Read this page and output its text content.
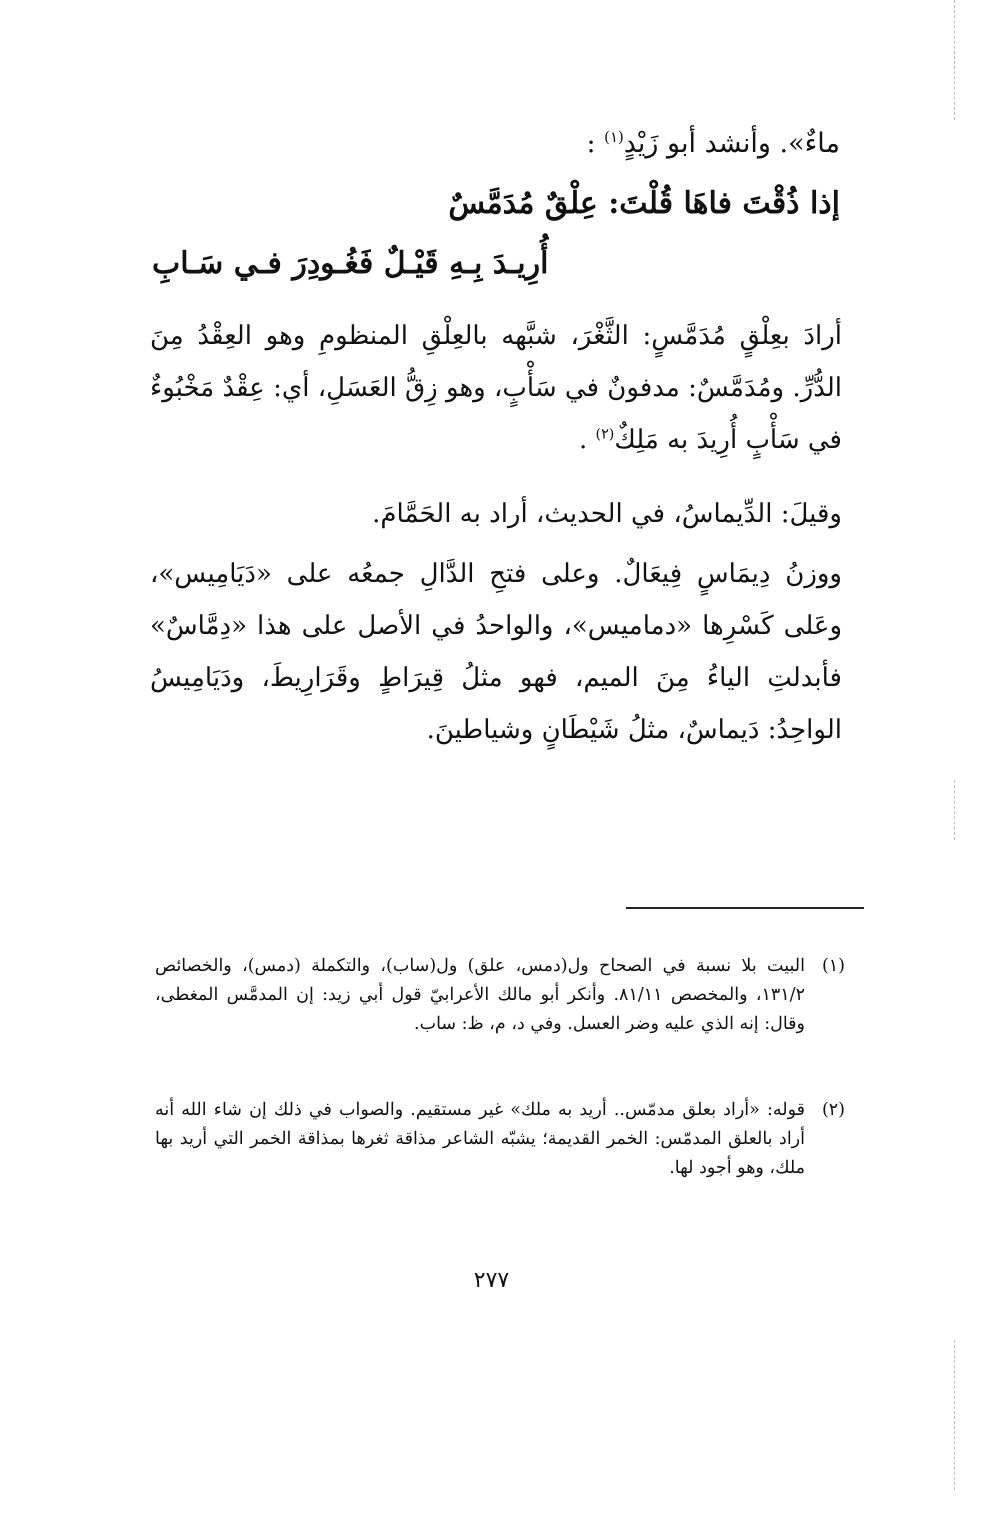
ماءٌ». وأنشد أبو زَيْدٍ$^{(١)}$ :
إذا ذُقْتَ فاهَا قُلْتَ: عِلْقٌ مُدَمَّسٌ
أُرِيـدَ بِـهِ قَيْـلٌ فَغُـودِرَ فـي سَـابِ
أرادَ بعِلْقٍ مُدَمَّسٍ: الثَّغْرَ، شبَّهه بالعِلْقِ المنظومِ وهو العِقْدُ مِنَ الدُّرِّ. ومُدَمَّسٌ: مدفونٌ في سَأْبٍ، وهو زِقُّ العَسَلِ، أي: عِقْدٌ مَخْبُوءٌ في سَأْبٍ أُرِيدَ به مَلِكٌ$^{(٢)}$ .
وقيلَ: الدِّيماسُ، في الحديث، أراد به الحَمَّامَ.
ووزنُ دِيمَاسٍ فِيعَالٌ. وعلى فتحِ الدَّالِ جمعُه على «دَيَامِيس»، وعَلى كَسْرِها «دماميس»، والواحدُ في الأصل على هذا «دِمَّاسٌ» فأبدلتِ الياءُ مِنَ الميم، فهو مثلُ قِيرَاطٍ وقَرَارِيطَ، ودَيَامِيسُ الواحِدُ: دَيماسٌ، مثلُ شَيْطَانٍ وشياطينَ.
(١)
البيت بلا نسبة في الصحاح ول(دمس، علق) ول(ساب)، والتكملة (دمس)، والخصائص ١٣١/٢، والمخصص ٨١/١١. وأنكر أبو مالك الأعرابيّ قول أبي زيد: إن المدمَّس المغطى، وقال: إنه الذي عليه وضر العسل. وفي د، م، ظ: ساب.
(٢)
قوله: «أراد بعلق مدمّس.. أريد به ملك» غير مستقيم. والصواب في ذلك إن شاء الله أنه أراد بالعلق المدمّس: الخمر القديمة؛ يشبّه الشاعر مذاقة ثغرها بمذاقة الخمر التي أريد بها ملك، وهو أجود لها.
٢٧٧
